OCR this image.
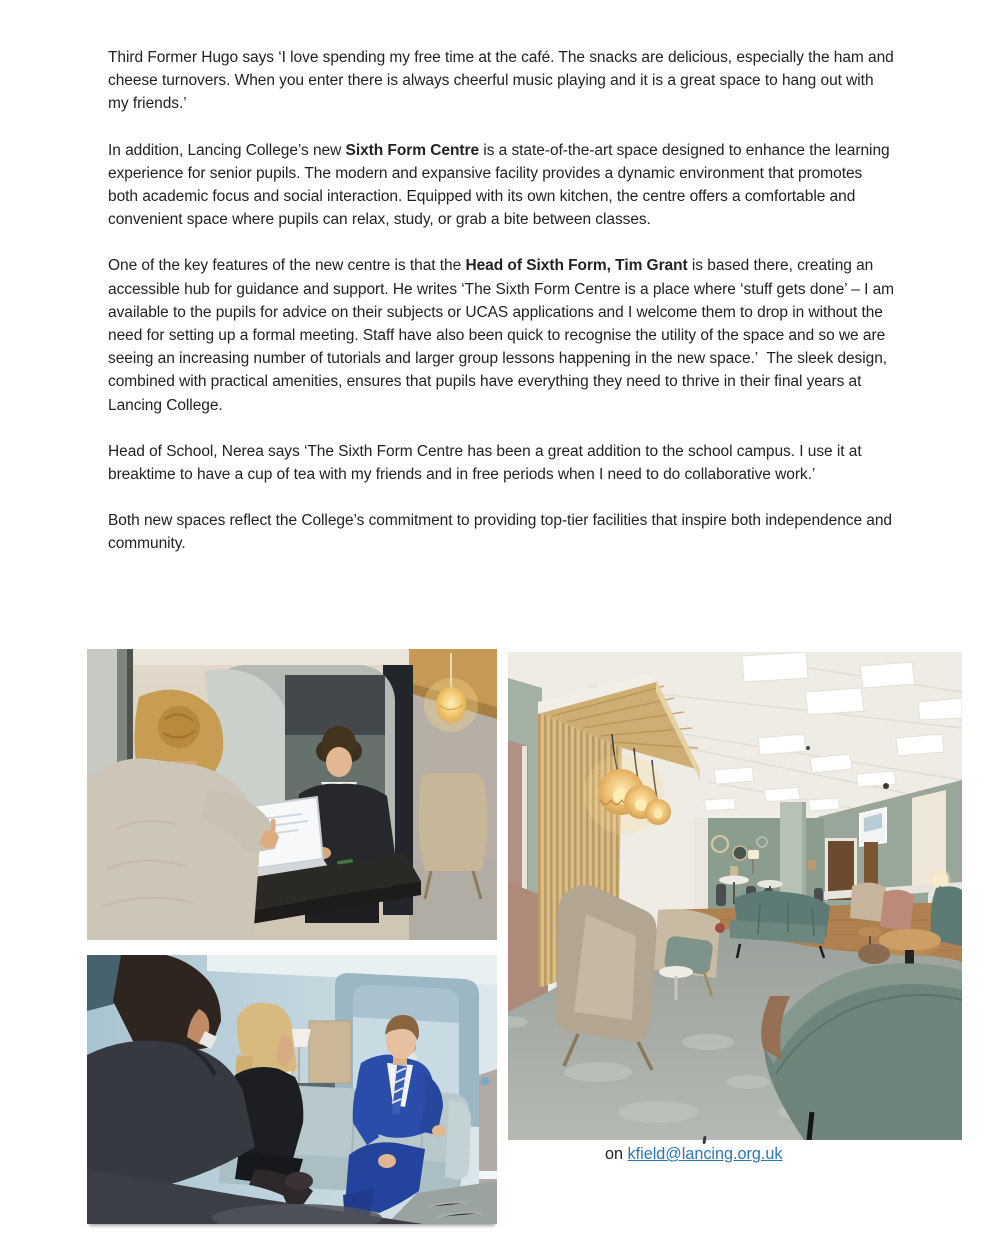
Third Former Hugo says ‘I love spending my free time at the café. The snacks are delicious, especially the ham and cheese turnovers. When you enter there is always cheerful music playing and it is a great space to hang out with my friends.’

In addition, Lancing College’s new Sixth Form Centre is a state-of-the-art space designed to enhance the learning experience for senior pupils. The modern and expansive facility provides a dynamic environment that promotes both academic focus and social interaction. Equipped with its own kitchen, the centre offers a comfortable and convenient space where pupils can relax, study, or grab a bite between classes.

One of the key features of the new centre is that the Head of Sixth Form, Tim Grant is based there, creating an accessible hub for guidance and support. He writes ‘The Sixth Form Centre is a place where ‘stuff gets done’ – I am available to the pupils for advice on their subjects or UCAS applications and I welcome them to drop in without the need for setting up a formal meeting. Staff have also been quick to recognise the utility of the space and so we are seeing an increasing number of tutorials and larger group lessons happening in the new space.’  The sleek design, combined with practical amenities, ensures that pupils have everything they need to thrive in their final years at Lancing College.

Head of School, Nerea says ‘The Sixth Form Centre has been a great addition to the school campus. I use it at breaktime to have a cup of tea with my friends and in free periods when I need to do collaborative work.’

Both new spaces reflect the College’s commitment to providing top-tier facilities that inspire both independence and community.

on kfield@lancing.org.uk
